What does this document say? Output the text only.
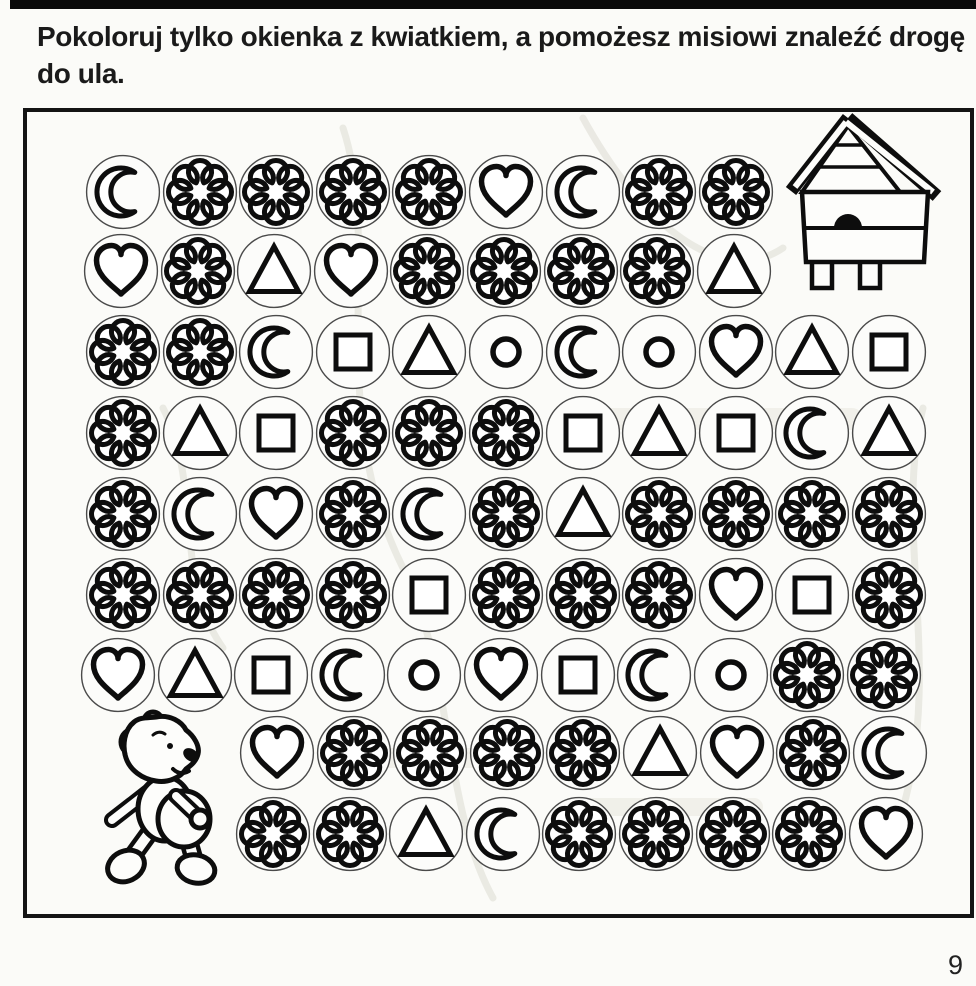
Pokoloruj tylko okienka z kwiatkiem, a pomożesz misiowi znaleźć drogę
do ula.
9
